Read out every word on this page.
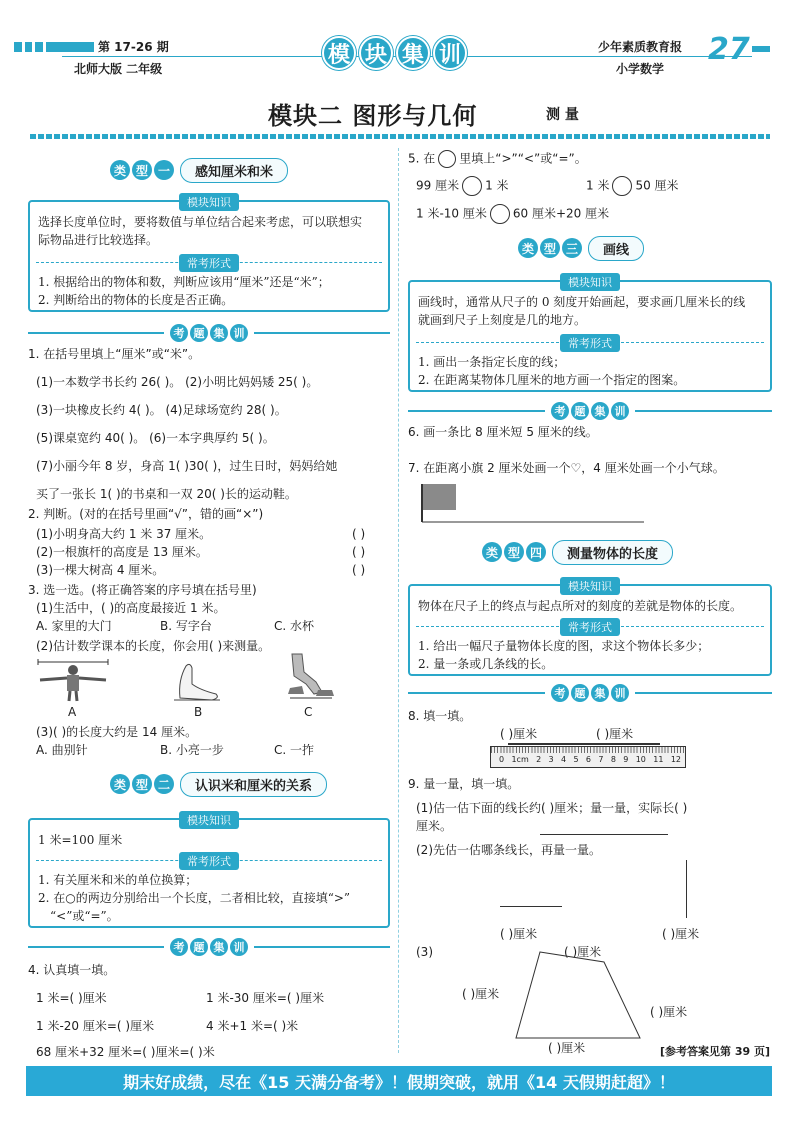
第 17-26 期
北师大版 二年级
模 块 集 训	少年素质教育报
小学数学
27
模块二 图形与几何	测 量
类 型 一	感知厘米和米
模块知识
选择长度单位时，要将数值与单位结合起来考虑，可以联想实
际物品进行比较选择。
常考形式
1. 根据给出的物体和数，判断应该用“厘米”还是“米”；
2. 判断给出的物体的长度是否正确。
考 题 集 训
1. 在括号里填上“厘米”或“米”。
(1)一本数学书长约 26( )。 (2)小明比妈妈矮 25( )。
(3)一块橡皮长约 4( )。 (4)足球场宽约 28( )。
(5)课桌宽约 40( )。 (6)一本字典厚约 5( )。
(7)小丽今年 8 岁，身高 1( )30( )，过生日时，妈妈给她
买了一张长 1( )的书桌和一双 20( )长的运动鞋。
2. 判断。(对的在括号里画“√”，错的画“×”)
(1)小明身高大约 1 米 37 厘米。	( )
(2)一根旗杆的高度是 13 厘米。	( )
(3)一棵大树高 4 厘米。	( )
3. 选一选。(将正确答案的序号填在括号里)
(1)生活中，( )的高度最接近 1 米。
A. 家里的大门	B. 写字台	C. 水杯
(2)估计数学课本的长度，你会用( )来测量。
A	B	C
(3)( )的长度大约是 14 厘米。
A. 曲别针	B. 小亮一步	C. 一拃
类 型 二	认识米和厘米的关系
模块知识
1 米=100 厘米
常考形式
1. 有关厘米和米的单位换算；
2. 在○的两边分别给出一个长度，二者相比较，直接填“>”
“<”或“=”。
考 题 集 训
4. 认真填一填。
1 米=( )厘米	1 米-30 厘米=( )厘米
1 米-20 厘米=( )厘米	4 米+1 米=( )米
68 厘米+32 厘米=( )厘米=( )米
5. 在 里填上“>”“<”或“=”。
99 厘米 1 米	1 米 50 厘米
1 米-10 厘米 60 厘米+20 厘米
类 型 三	画线
模块知识
画线时，通常从尺子的 0 刻度开始画起，要求画几厘米长的线
就画到尺子上刻度是几的地方。
常考形式
1. 画出一条指定长度的线；
2. 在距离某物体几厘米的地方画一个指定的图案。
考 题 集 训
6. 画一条比 8 厘米短 5 厘米的线。
7. 在距离小旗 2 厘米处画一个♡，4 厘米处画一个小气球。
类 型 四	测量物体的长度
模块知识
物体在尺子上的终点与起点所对的刻度的差就是物体的长度。
常考形式
1. 给出一幅尺子量物体长度的图，求这个物体长多少；
2. 量一条或几条线的长。
考 题 集 训
8. 填一填。
( )厘米	( )厘米
0 1cm 2 3 4 5 6 7 8 9 10 11 12
9. 量一量，填一填。
(1)估一估下面的线长约( )厘米；量一量，实际长( )
厘米。
(2)先估一估哪条线长，再量一量。
( )厘米	( )厘米
(3)	( )厘米
( )厘米
( )厘米
( )厘米	[参考答案见第 39 页]
期末好成绩，尽在《15 天满分备考》！假期突破，就用《14 天假期赶超》！
